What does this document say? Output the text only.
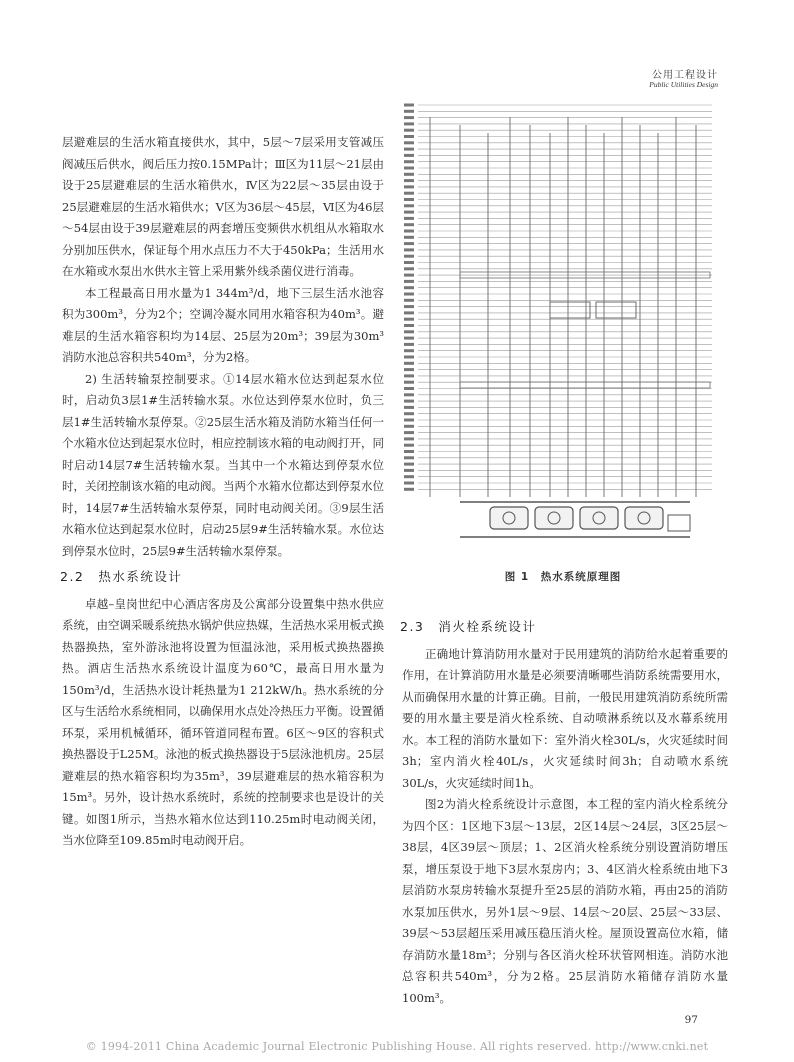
公用工程设计
Public Utilities Design

层避难层的生活水箱直接供水，其中，5层～7层采用支管减压阀减压后供水，阀后压力按0.15MPa计；Ⅲ区为11层～21层由设于25层避难层的生活水箱供水，Ⅳ区为22层～35层由设于25层避难层的生活水箱供水；Ⅴ区为36层～45层，Ⅵ区为46层～54层由设于39层避难层的两套增压变频供水机组从水箱取水分别加压供水，保证每个用水点压力不大于450kPa；生活用水在水箱或水泵出水供水主管上采用紫外线杀菌仪进行消毒。

本工程最高日用水量为1 344m³/d，地下三层生活水池容积为300m³，分为2个；空调冷凝水同用水箱容积为40m³。避难层的生活水箱容积均为14层、25层为20m³；39层为30m³消防水池总容积共540m³，分为2格。

2) 生活转输泵控制要求。①14层水箱水位达到起泵水位时，启动负3层1#生活转输水泵。水位达到停泵水位时，负三层1#生活转输水泵停泵。②25层生活水箱及消防水箱当任何一个水箱水位达到起泵水位时，相应控制该水箱的电动阀打开，同时启动14层7#生活转输水泵。当其中一个水箱达到停泵水位时，关闭控制该水箱的电动阀。当两个水箱水位都达到停泵水位时，14层7#生活转输水泵停泵，同时电动阀关闭。③9层生活水箱水位达到起泵水位时，启动25层9#生活转输水泵。水位达到停泵水位时，25层9#生活转输水泵停泵。

2.2　热水系统设计

卓越–皇岗世纪中心酒店客房及公寓部分设置集中热水供应系统，由空调采暖系统热水锅炉供应热媒，生活热水采用板式换热器换热，室外游泳池将设置为恒温泳池，采用板式换热器换热。酒店生活热水系统设计温度为60℃，最高日用水量为150m³/d，生活热水设计耗热量为1 212kW/h。热水系统的分区与生活给水系统相同，以确保用水点处冷热压力平衡。设置循环泵，采用机械循环，循环管道同程布置。6区～9区的容积式换热器设于L25M。泳池的板式换热器设于5层泳池机房。25层避难层的热水箱容积均为35m³，39层避难层的热水箱容积为15m³。另外，设计热水系统时，系统的控制要求也是设计的关键。如图1所示，当热水箱水位达到110.25m时电动阀关闭，当水位降至109.85m时电动阀开启。

图 1　热水系统原理图

2.3　消火栓系统设计

正确地计算消防用水量对于民用建筑的消防给水起着重要的作用，在计算消防用水量是必须要清晰哪些消防系统需要用水，从而确保用水量的计算正确。目前，一般民用建筑消防系统所需要的用水量主要是消火栓系统、自动喷淋系统以及水幕系统用水。本工程的消防水量如下：室外消火栓30L/s，火灾延续时间3h；室内消火栓40L/s，火灾延续时间3h；自动喷水系统30L/s，火灾延续时间1h。

图2为消火栓系统设计示意图，本工程的室内消火栓系统分为四个区：1区地下3层～13层，2区14层～24层，3区25层～38层，4区39层～顶层；1、2区消火栓系统分别设置消防增压泵，增压泵设于地下3层水泵房内；3、4区消火栓系统由地下3层消防水泵房转输水泵提升至25层的消防水箱，再由25的消防水泵加压供水，另外1层～9层、14层～20层、25层～33层、39层～53层超压采用减压稳压消火栓。屋顶设置高位水箱，储存消防水量18m³；分别与各区消火栓环状管网相连。消防水池总容积共540m³，分为2格。25层消防水箱储存消防水量100m³。

97
© 1994-2011 China Academic Journal Electronic Publishing House. All rights reserved. http://www.cnki.net
